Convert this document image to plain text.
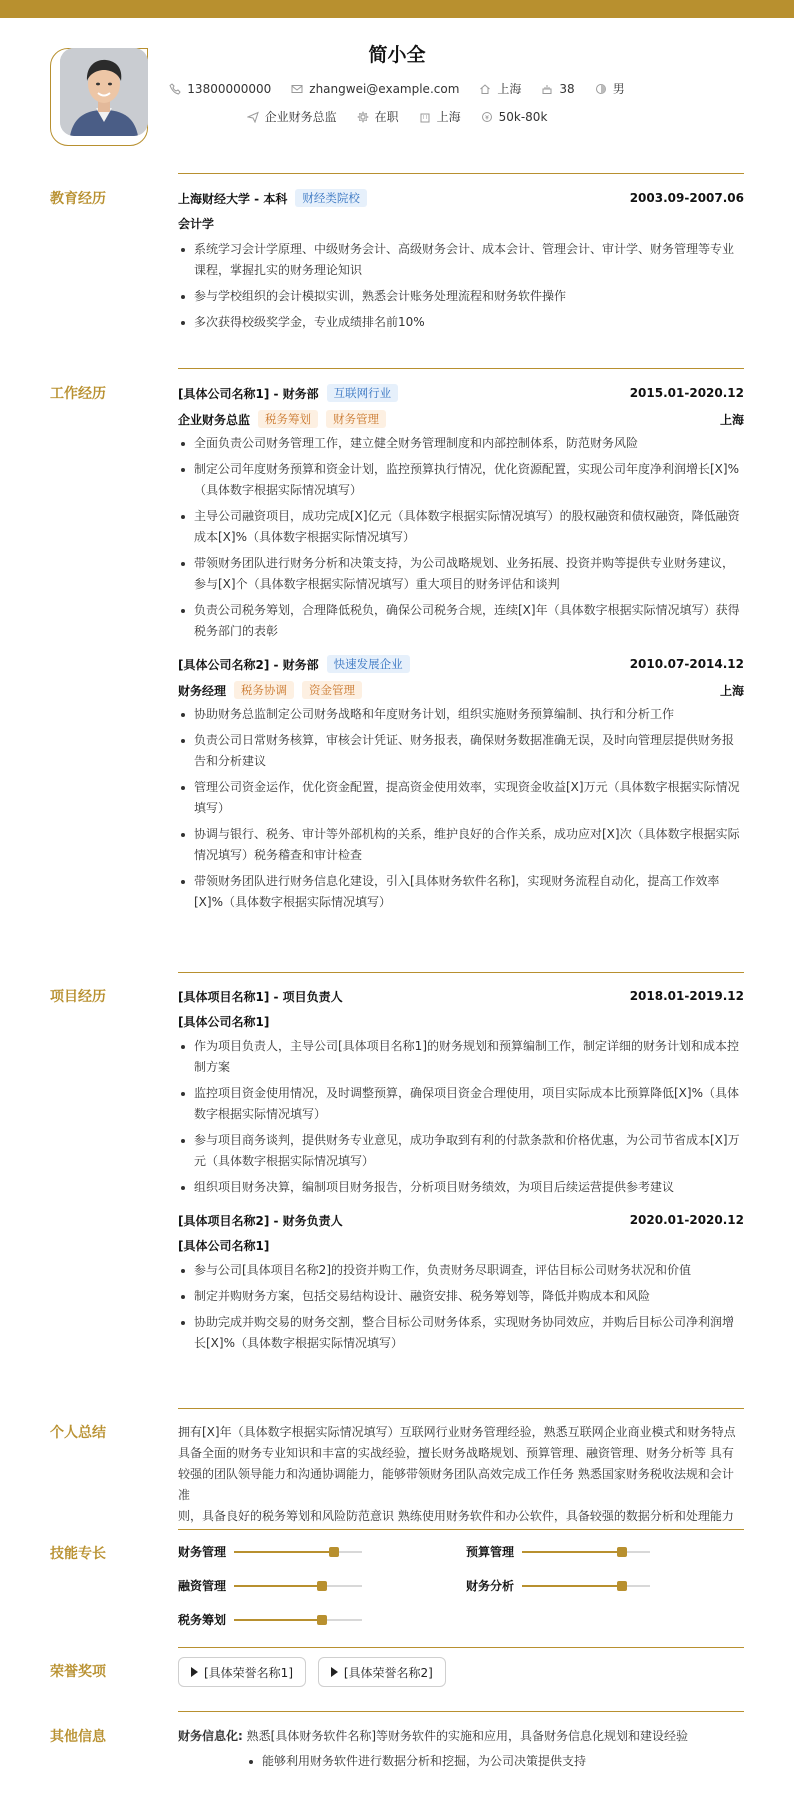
简小全
13800000000	zhangwei@example.com	上海	38	男
企业财务总监	在职	上海	50k-80k
教育经历	上海财经大学 - 本科	财经类院校	2003.09-2007.06
会计学
系统学习会计学原理、中级财务会计、高级财务会计、成本会计、管理会计、审计学、财务管理等专业课程，掌握扎实的财务理论知识
参与学校组织的会计模拟实训，熟悉会计账务处理流程和财务软件操作
多次获得校级奖学金，专业成绩排名前10%
工作经历	[具体公司名称1] - 财务部	互联网行业	2015.01-2020.12
企业财务总监	税务筹划	财务管理	上海
全面负责公司财务管理工作，建立健全财务管理制度和内部控制体系，防范财务风险
制定公司年度财务预算和资金计划，监控预算执行情况，优化资源配置，实现公司年度净利润增长[X]%（具体数字根据实际情况填写）
主导公司融资项目，成功完成[X]亿元（具体数字根据实际情况填写）的股权融资和债权融资，降低融资成本[X]%（具体数字根据实际情况填写）
带领财务团队进行财务分析和决策支持，为公司战略规划、业务拓展、投资并购等提供专业财务建议，参与[X]个（具体数字根据实际情况填写）重大项目的财务评估和谈判
负责公司税务筹划，合理降低税负，确保公司税务合规，连续[X]年（具体数字根据实际情况填写）获得税务部门的表彰
[具体公司名称2] - 财务部	快速发展企业	2010.07-2014.12
财务经理	税务协调	资金管理	上海
协助财务总监制定公司财务战略和年度财务计划，组织实施财务预算编制、执行和分析工作
负责公司日常财务核算，审核会计凭证、财务报表，确保财务数据准确无误，及时向管理层提供财务报告和分析建议
管理公司资金运作，优化资金配置，提高资金使用效率，实现资金收益[X]万元（具体数字根据实际情况填写）
协调与银行、税务、审计等外部机构的关系，维护良好的合作关系，成功应对[X]次（具体数字根据实际情况填写）税务稽查和审计检查
带领财务团队进行财务信息化建设，引入[具体财务软件名称]，实现财务流程自动化，提高工作效率[X]%（具体数字根据实际情况填写）
项目经历	[具体项目名称1] - 项目负责人	2018.01-2019.12
[具体公司名称1]
作为项目负责人，主导公司[具体项目名称1]的财务规划和预算编制工作，制定详细的财务计划和成本控制方案
监控项目资金使用情况，及时调整预算，确保项目资金合理使用，项目实际成本比预算降低[X]%（具体数字根据实际情况填写）
参与项目商务谈判，提供财务专业意见，成功争取到有利的付款条款和价格优惠，为公司节省成本[X]万元（具体数字根据实际情况填写）
组织项目财务决算，编制项目财务报告，分析项目财务绩效，为项目后续运营提供参考建议
[具体项目名称2] - 财务负责人	2020.01-2020.12
[具体公司名称1]
参与公司[具体项目名称2]的投资并购工作，负责财务尽职调查，评估目标公司财务状况和价值
制定并购财务方案，包括交易结构设计、融资安排、税务筹划等，降低并购成本和风险
协助完成并购交易的财务交割，整合目标公司财务体系，实现财务协同效应，并购后目标公司净利润增长[X]%（具体数字根据实际情况填写）
个人总结	拥有[X]年（具体数字根据实际情况填写）互联网行业财务管理经验，熟悉互联网企业商业模式和财务特点
具备全面的财务专业知识和丰富的实战经验，擅长财务战略规划、预算管理、融资管理、财务分析等 具有
较强的团队领导能力和沟通协调能力，能够带领财务团队高效完成工作任务 熟悉国家财务税收法规和会计准
则，具备良好的税务筹划和风险防范意识 熟练使用财务软件和办公软件，具备较强的数据分析和处理能力
技能专长	财务管理	预算管理
融资管理	财务分析
税务筹划
荣誉奖项	[具体荣誉名称1]
	[具体荣誉名称2]
其他信息	财务信息化: 熟悉[具体财务软件名称]等财务软件的实施和应用，具备财务信息化规划和建设经验
能够利用财务软件进行数据分析和挖掘，为公司决策提供支持
